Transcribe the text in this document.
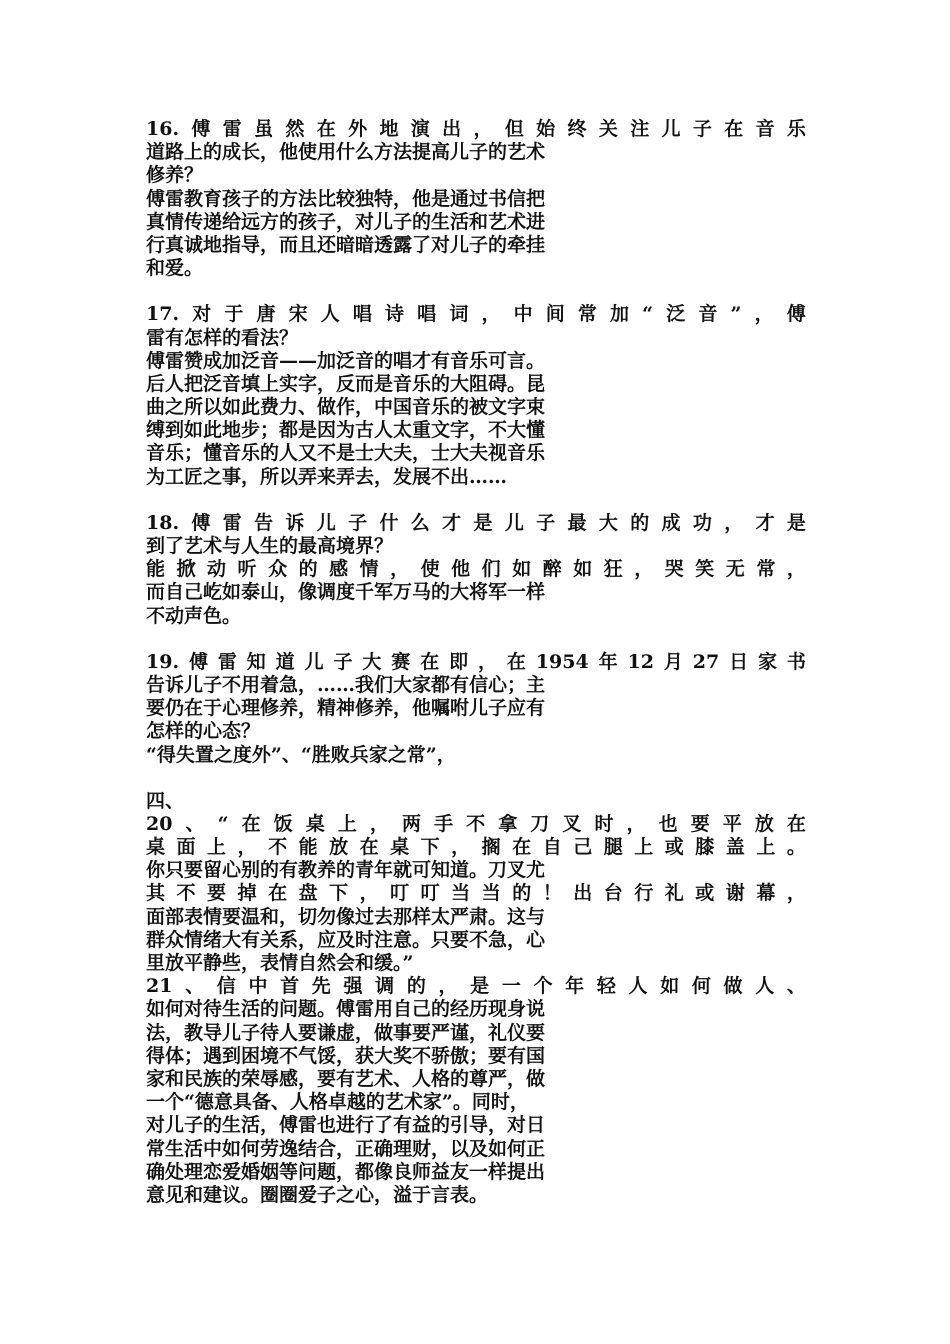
16. 傅 雷 虽 然 在 外 地 演 出 ， 但 始 终 关 注 儿 子 在 音 乐
道路上的成长，他使用什么方法提高儿子的艺术
修养？
傅雷教育孩子的方法比较独特，他是通过书信把
真情传递给远方的孩子，对儿子的生活和艺术进
行真诚地指导，而且还暗暗透露了对儿子的牵挂
和爱。
17. 对 于 唐 宋 人 唱 诗 唱 词 ， 中 间 常 加 “ 泛 音 ” ， 傅
雷有怎样的看法？
傅雷赞成加泛音——加泛音的唱才有音乐可言。
后人把泛音填上实字，反而是音乐的大阻碍。昆
曲之所以如此费力、做作，中国音乐的被文字束
缚到如此地步；都是因为古人太重文字，不大懂
音乐；懂音乐的人又不是士大夫，士大夫视音乐
为工匠之事，所以弄来弄去，发展不出……
18. 傅 雷 告 诉 儿 子 什 么 才 是 儿 子 最 大 的 成 功 ， 才 是
到了艺术与人生的最高境界？
能 掀 动 听 众 的 感 情 ， 使 他 们 如 醉 如 狂 ， 哭 笑 无 常 ，
而自己屹如泰山，像调度千军万马的大将军一样
不动声色。
19. 傅 雷 知 道 儿 子 大 赛 在 即 ， 在 1954 年 12 月 27 日 家 书
告诉儿子不用着急，……我们大家都有信心；主
要仍在于心理修养，精神修养，他嘱咐儿子应有
怎样的心态？
“得失置之度外”、“胜败兵家之常”，
四、
20 、 “ 在 饭 桌 上 ， 两 手 不 拿 刀 叉 时 ， 也 要 平 放 在
桌 面 上 ， 不 能 放 在 桌 下 ， 搁 在 自 己 腿 上 或 膝 盖 上 。
你只要留心别的有教养的青年就可知道。刀叉尤
其 不 要 掉 在 盘 下 ， 叮 叮 当 当 的 ！ 出 台 行 礼 或 谢 幕 ，
面部表情要温和，切勿像过去那样太严肃。这与
群众情绪大有关系，应及时注意。只要不急，心
里放平静些，表情自然会和缓。”
21 、 信 中 首 先 强 调 的 ， 是 一 个 年 轻 人 如 何 做 人 、
如何对待生活的问题。傅雷用自己的经历现身说
法，教导儿子待人要谦虚，做事要严谨，礼仪要
得体；遇到困境不气馁，获大奖不骄傲；要有国
家和民族的荣辱感，要有艺术、人格的尊严，做
一个“德意具备、人格卓越的艺术家”。同时，
对儿子的生活，傅雷也进行了有益的引导，对日
常生活中如何劳逸结合，正确理财，以及如何正
确处理恋爱婚姻等问题，都像良师益友一样提出
意见和建议。圈圈爱子之心，溢于言表。
